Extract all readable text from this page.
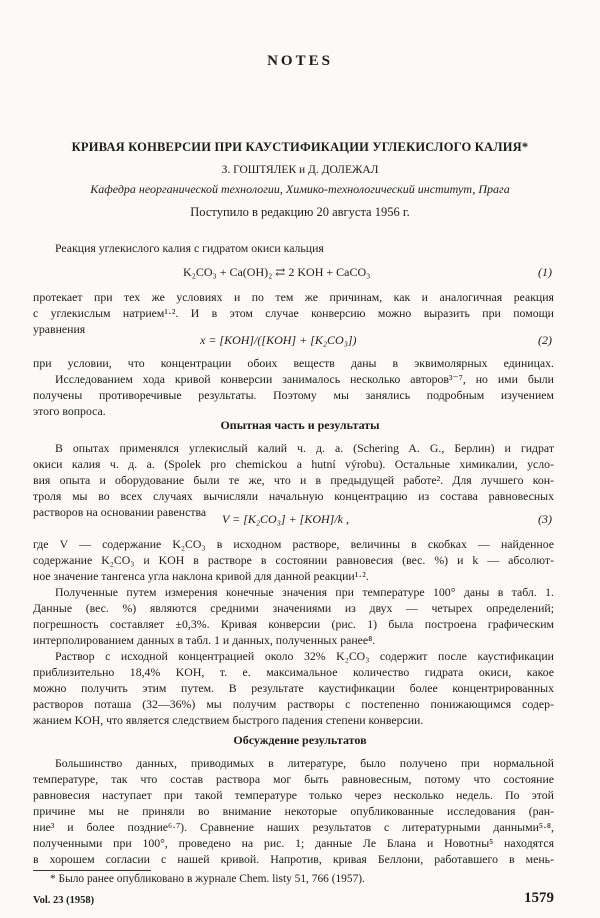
NOTES
КРИВАЯ КОНВЕРСИИ ПРИ КАУСТИФИКАЦИИ УГЛЕКИСЛОГО КАЛИЯ*
З. ГОШТЯЛЕК и Д. ДОЛЕЖАЛ
Кафедра неорганической технологии, Химико-технологический институт, Прага
Поступило в редакцию 20 августа 1956 г.
Реакция углекислого калия с гидратом окиси кальция
K₂CO₃ + Ca(OH)₂ ⇄ 2 KOH + CaCO₃	(1)
протекает при тех же условиях и по тем же причинам, как и аналогичная реакция
с углекислым натрием¹·². И в этом случае конверсию можно выразить при помощи
уравнения
x = [KOH]/([KOH] + [K₂CO₃])	(2)
при условии, что концентрации обоих веществ даны в эквимолярных единицах.
Исследованием хода кривой конверсии занималось несколько авторов³⁻⁷, но ими были
получены противоречивые результаты. Поэтому мы занялись подробным изучением
этого вопроса.
Опытная часть и результаты
В опытах применялся углекислый калий ч. д. а. (Schering A. G., Берлин) и гидрат
окиси калия ч. д. а. (Spolek pro chemickou a hutní výrobu). Остальные химикалии, усло-
вия опыта и оборудование были те же, что и в предыдущей работе². Для лучшего кон-
троля мы во всех случаях вычисляли начальную концентрацию из состава равновесных
растворов на основании равенства	V = [K₂CO₃] + [KOH]/k ,	(3)
где V — содержание K₂CO₃ в исходном растворе, величины в скобках — найденное
содержание K₂CO₃ и KOH в растворе в состоянии равновесия (вес. %) и k — абсолют-
ное значение тангенса угла наклона кривой для данной реакции¹·².
Полученные путем измерения конечные значения при температуре 100° даны в табл. 1.
Данные (вес. %) являются средними значениями из двух — четырех определений;
погрешность составляет ±0,3%. Кривая конверсии (рис. 1) была построена графическим
интерполированием данных в табл. 1 и данных, полученных ранее⁸.
Раствор с исходной концентрацией около 32% K₂CO₃ содержит после каустификации
приблизительно 18,4% KOH, т. е. максимальное количество гидрата окиси, какое
можно получить этим путем. В результате каустификации более концентрированных
растворов поташа (32—36%) мы получим растворы с постепенно понижающимся содер-
жанием KOH, что является следствием быстрого падения степени конверсии.
Обсуждение результатов
Большинство данных, приводимых в литературе, было получено при нормальной
температуре, так что состав раствора мог быть равновесным, потому что состояние
равновесия наступает при такой температуре только через несколько недель. По этой
причине мы не приняли во внимание некоторые опубликованные исследования (ран-
ние³ и более поздние⁶·⁷). Сравнение наших результатов с литературными данными⁵·⁸,
полученными при 100°, проведено на рис. 1; данные Ле Блана и Новотны⁵ находятся
в хорошем согласии с нашей кривой. Напротив, кривая Беллони, работавшего в мень-
* Было ранее опубликовано в журнале Chem. listy 51, 766 (1957).
Vol. 23 (1958)	1579
